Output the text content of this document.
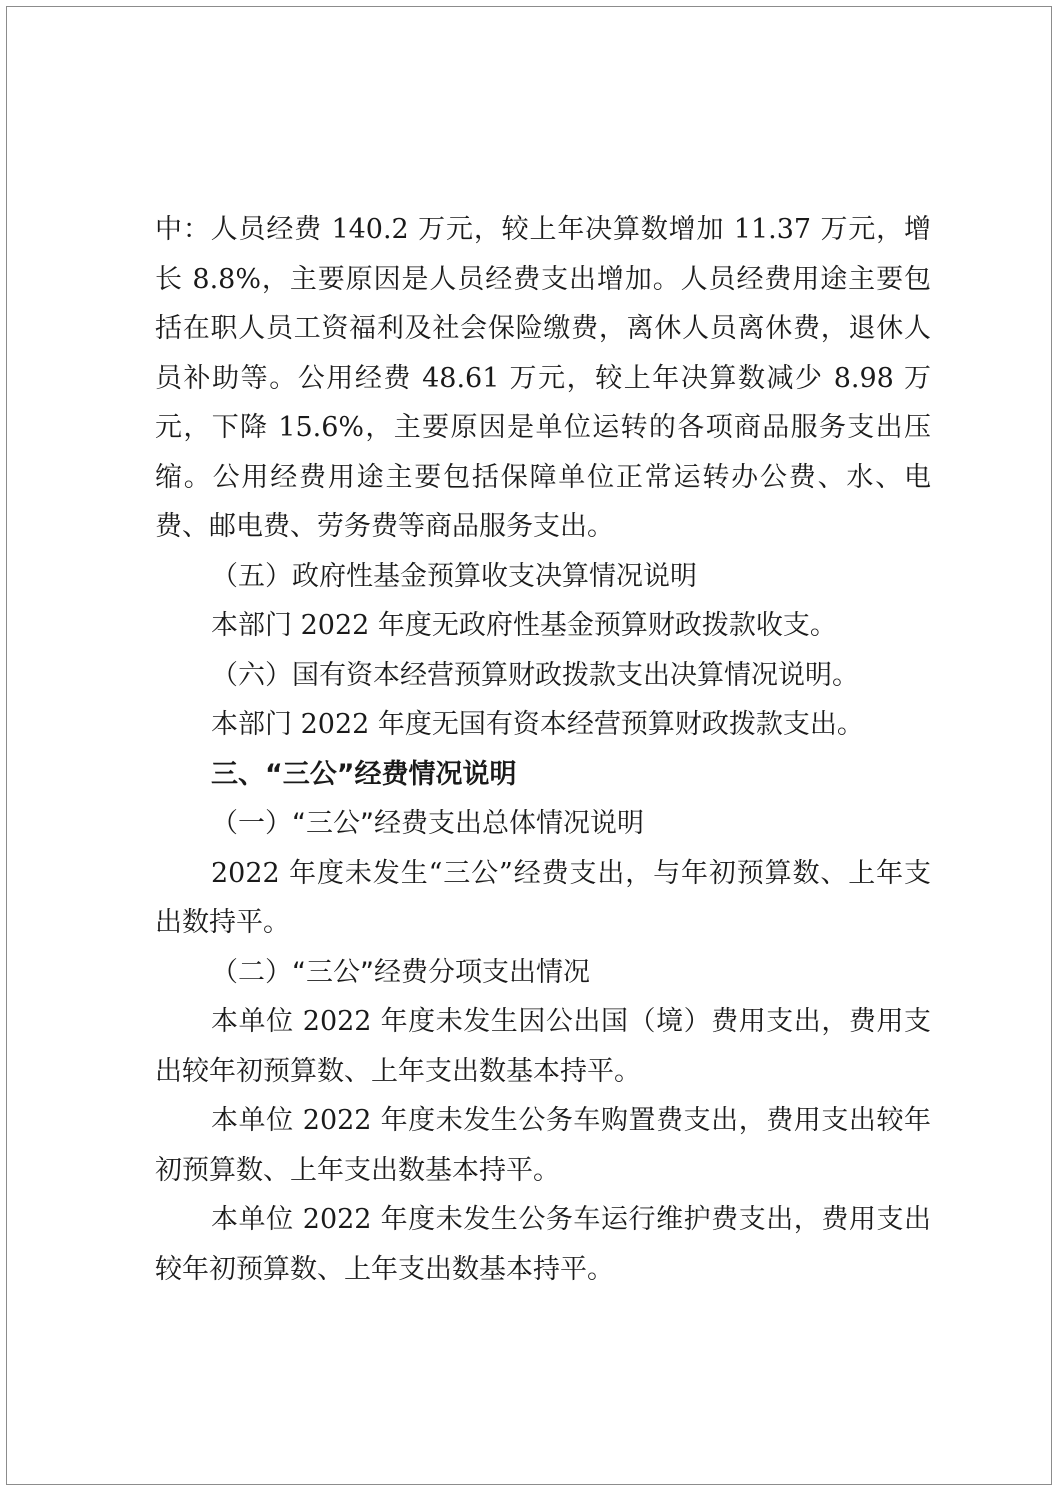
中：人员经费 140.2 万元，较上年决算数增加 11.37 万元，增长 8.8%，主要原因是人员经费支出增加。人员经费用途主要包括在职人员工资福利及社会保险缴费，离休人员离休费，退休人员补助等。公用经费 48.61 万元，较上年决算数减少 8.98 万元，下降 15.6%，主要原因是单位运转的各项商品服务支出压缩。公用经费用途主要包括保障单位正常运转办公费、水、电费、邮电费、劳务费等商品服务支出。

（五）政府性基金预算收支决算情况说明

本部门 2022 年度无政府性基金预算财政拨款收支。

（六）国有资本经营预算财政拨款支出决算情况说明。

本部门 2022 年度无国有资本经营预算财政拨款支出。

三、“三公”经费情况说明

（一）“三公”经费支出总体情况说明

2022 年度未发生“三公”经费支出，与年初预算数、上年支出数持平。

（二）“三公”经费分项支出情况

本单位 2022 年度未发生因公出国（境）费用支出，费用支出较年初预算数、上年支出数基本持平。

本单位 2022 年度未发生公务车购置费支出，费用支出较年初预算数、上年支出数基本持平。

本单位 2022 年度未发生公务车运行维护费支出，费用支出较年初预算数、上年支出数基本持平。
